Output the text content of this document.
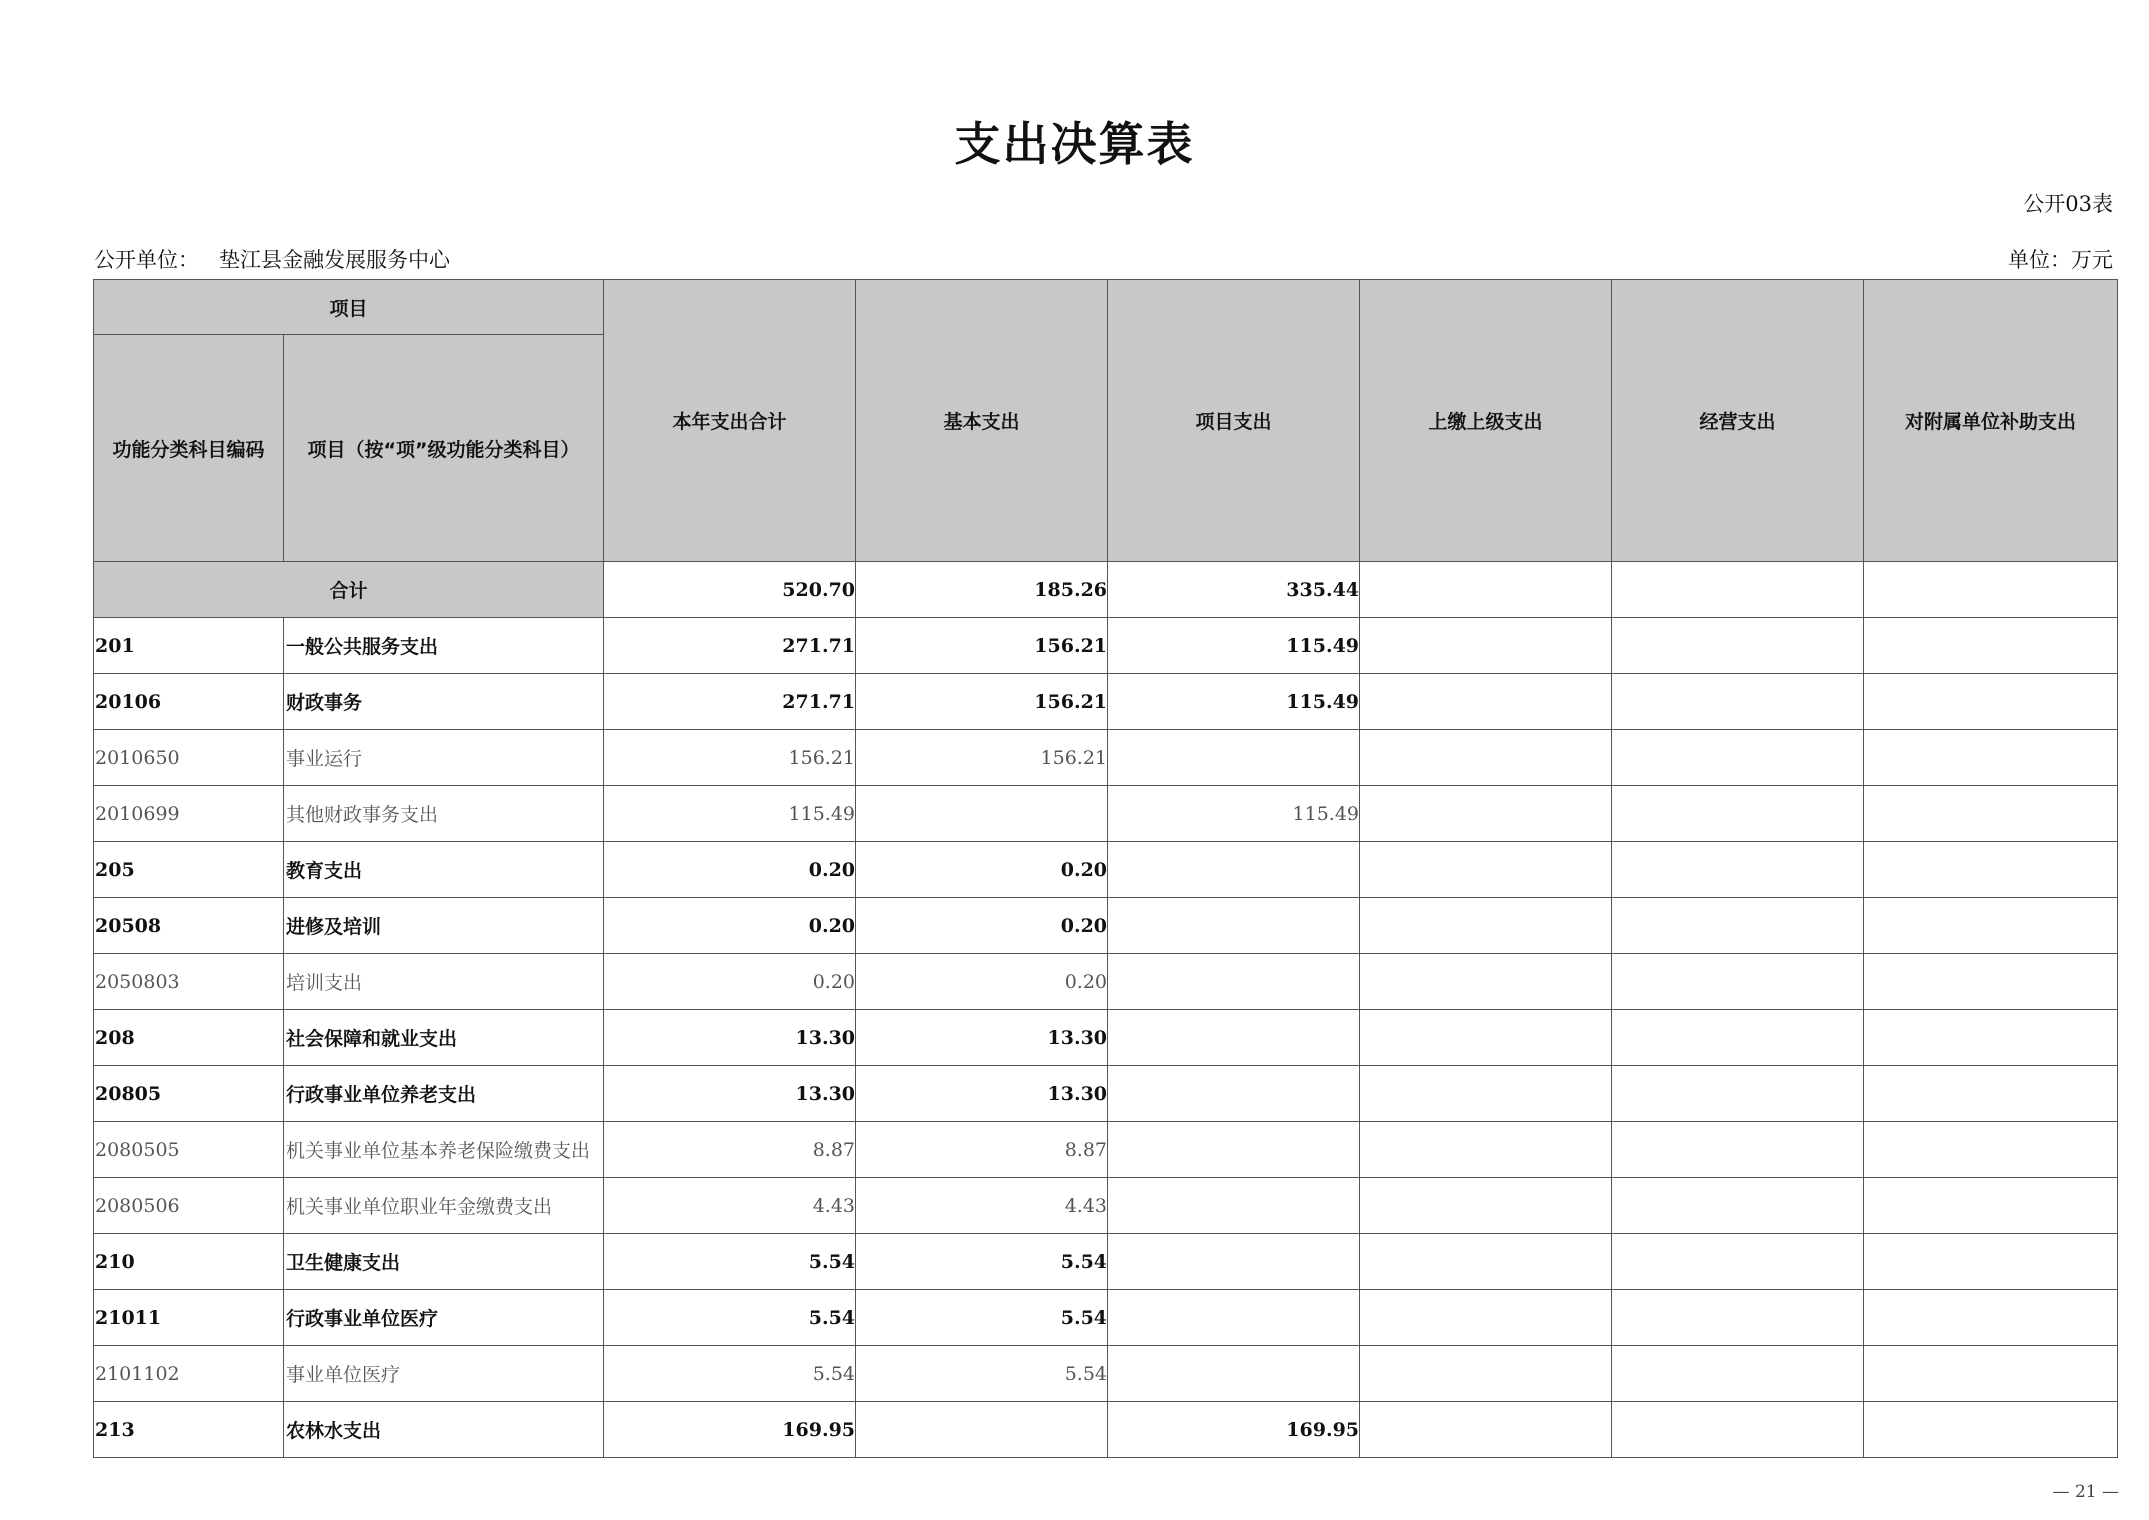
支出决算表
公开03表
公开单位： 垫江县金融发展服务中心	单位：万元
项目		本年支出合计	基本支出	项目支出	上缴上级支出	经营支出	对附属单位补助支出
功能分类科目编码	项目（按“项”级功能分类科目）						
合计		520.70	185.26	335.44			
201	一般公共服务支出	271.71	156.21	115.49			
20106	财政事务	271.71	156.21	115.49			
2010650	事业运行	156.21	156.21				
2010699	其他财政事务支出	115.49		115.49			
205	教育支出	0.20	0.20				
20508	进修及培训	0.20	0.20				
2050803	培训支出	0.20	0.20				
208	社会保障和就业支出	13.30	13.30				
20805	行政事业单位养老支出	13.30	13.30				
2080505	机关事业单位基本养老保险缴费支出	8.87	8.87				
2080506	机关事业单位职业年金缴费支出	4.43	4.43				
210	卫生健康支出	5.54	5.54				
21011	行政事业单位医疗	5.54	5.54				
2101102	事业单位医疗	5.54	5.54				
213	农林水支出	169.95		169.95			
— 21 —
